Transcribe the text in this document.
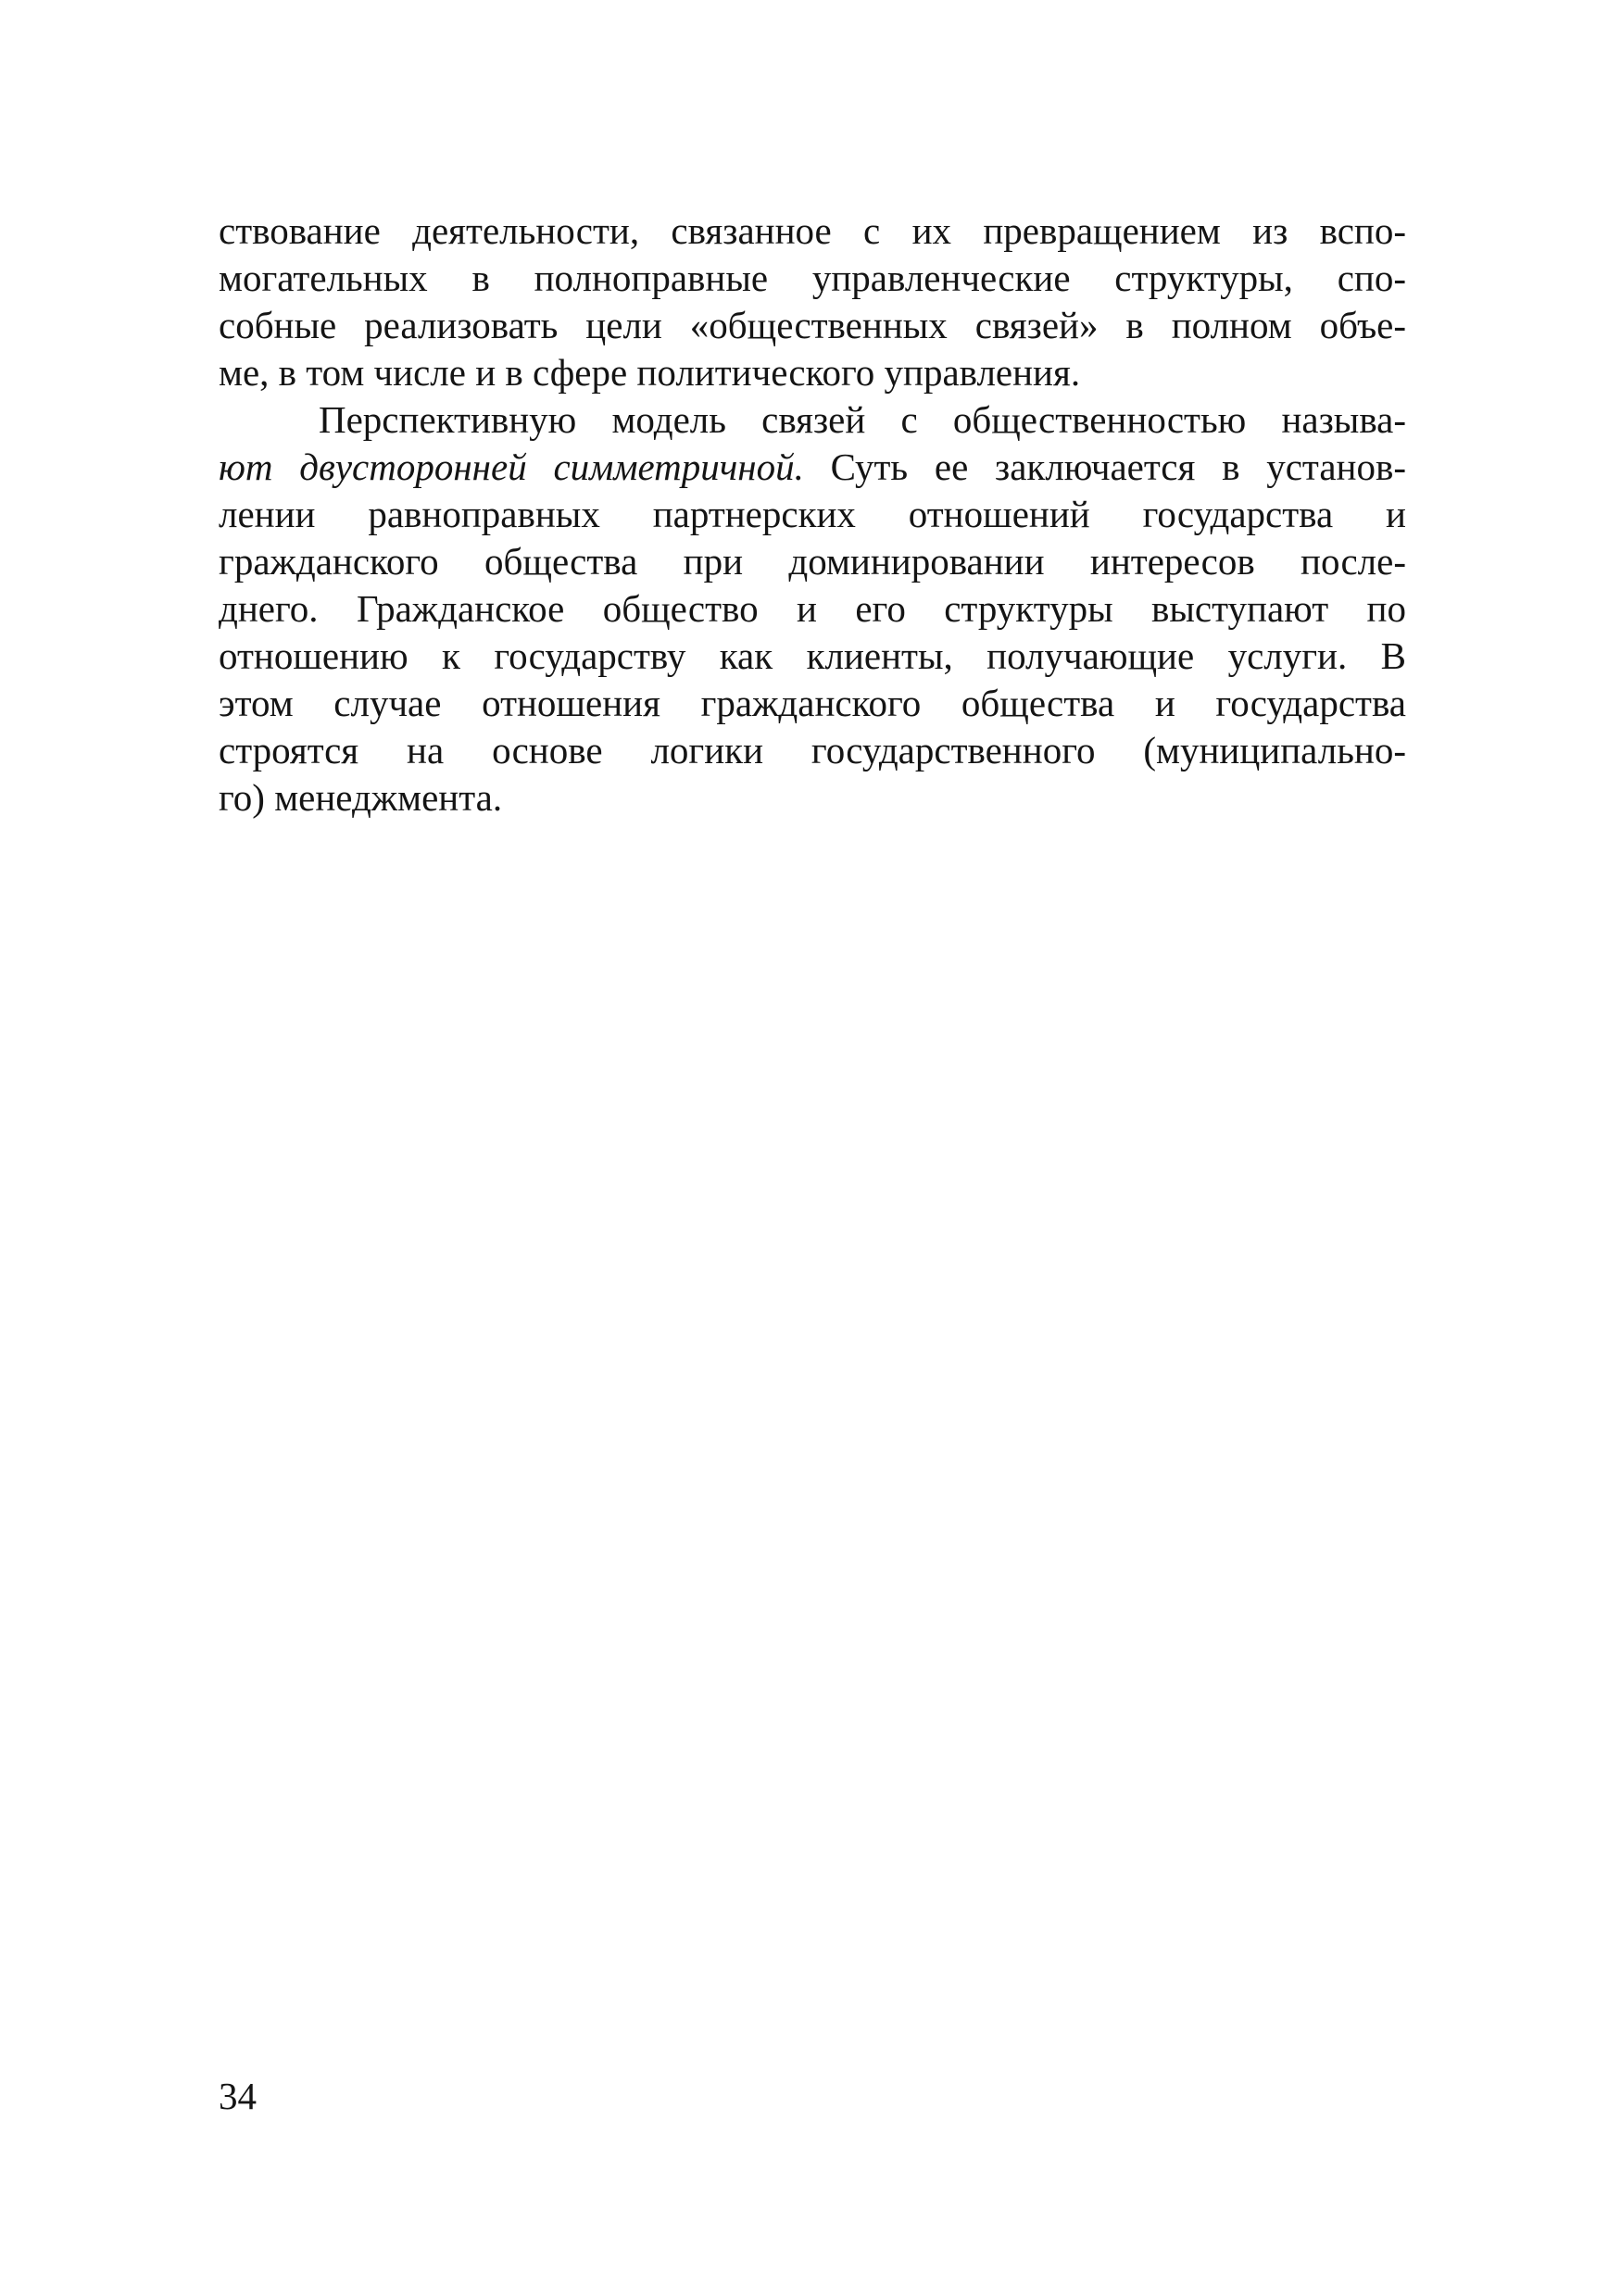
ствование деятельности, связанное с их превращением из вспо-
могательных в полноправные управленческие структуры, спо-
собные реализовать цели «общественных связей» в полном объе-
ме, в том числе и в сфере политического управления.
Перспективную модель связей с общественностью называ-
ют двусторонней симметричной. Суть ее заключается в установ-
лении равноправных партнерских отношений государства и
гражданского общества при доминировании интересов после-
днего. Гражданское общество и его структуры выступают по
отношению к государству как клиенты, получающие услуги. В
этом случае отношения гражданского общества и государства
строятся на основе логики государственного (муниципально-
го) менеджмента.
34
